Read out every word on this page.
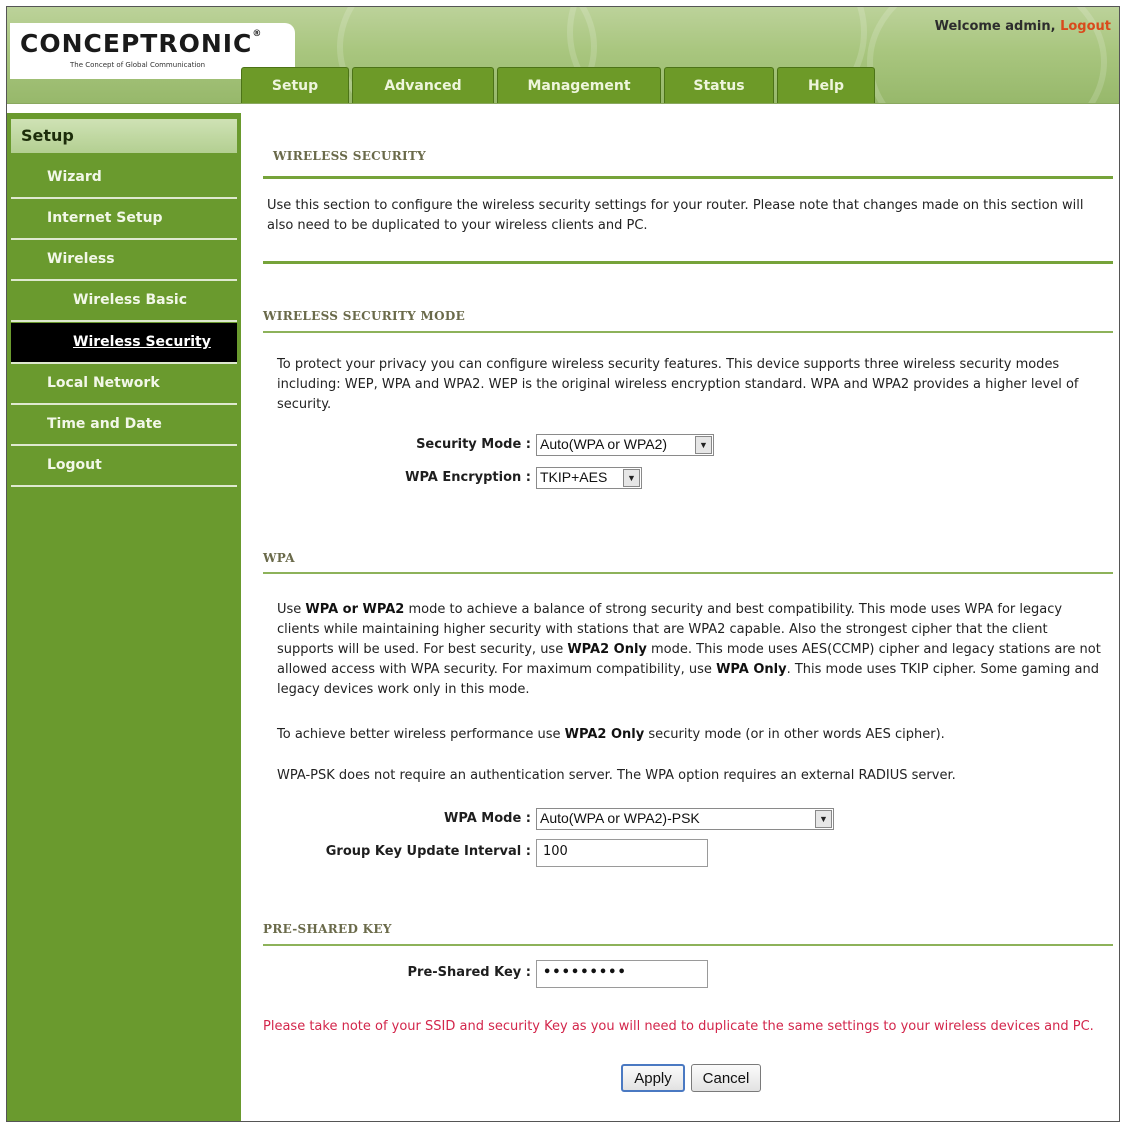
CONCEPTRONIC®
The Concept of Global Communication
Welcome admin, Logout
Setup	Advanced	Management	Status	Help
Setup
Wizard
Internet Setup
Wireless
Wireless Basic
Wireless Security
Local Network
Time and Date
Logout
WIRELESS SECURITY
Use this section to configure the wireless security settings for your router. Please note that changes made on this section will also need to be duplicated to your wireless clients and PC.
WIRELESS SECURITY MODE
To protect your privacy you can configure wireless security features. This device supports three wireless security modes including: WEP, WPA and WPA2. WEP is the original wireless encryption standard. WPA and WPA2 provides a higher level of security.
Security Mode : Auto(WPA or WPA2)	▼
WPA Encryption : TKIP+AES	▼
WPA
Use WPA or WPA2 mode to achieve a balance of strong security and best compatibility. This mode uses WPA for legacy clients while maintaining higher security with stations that are WPA2 capable. Also the strongest cipher that the client supports will be used. For best security, use WPA2 Only mode. This mode uses AES(CCMP) cipher and legacy stations are not allowed access with WPA security. For maximum compatibility, use WPA Only. This mode uses TKIP cipher. Some gaming and legacy devices work only in this mode.
To achieve better wireless performance use WPA2 Only security mode (or in other words AES cipher).
WPA-PSK does not require an authentication server. The WPA option requires an external RADIUS server.
WPA Mode : Auto(WPA or WPA2)-PSK	▼
Group Key Update Interval : 100
PRE-SHARED KEY
Pre-Shared Key : •••••••••
Please take note of your SSID and security Key as you will need to duplicate the same settings to your wireless devices and PC.
Apply	Cancel
